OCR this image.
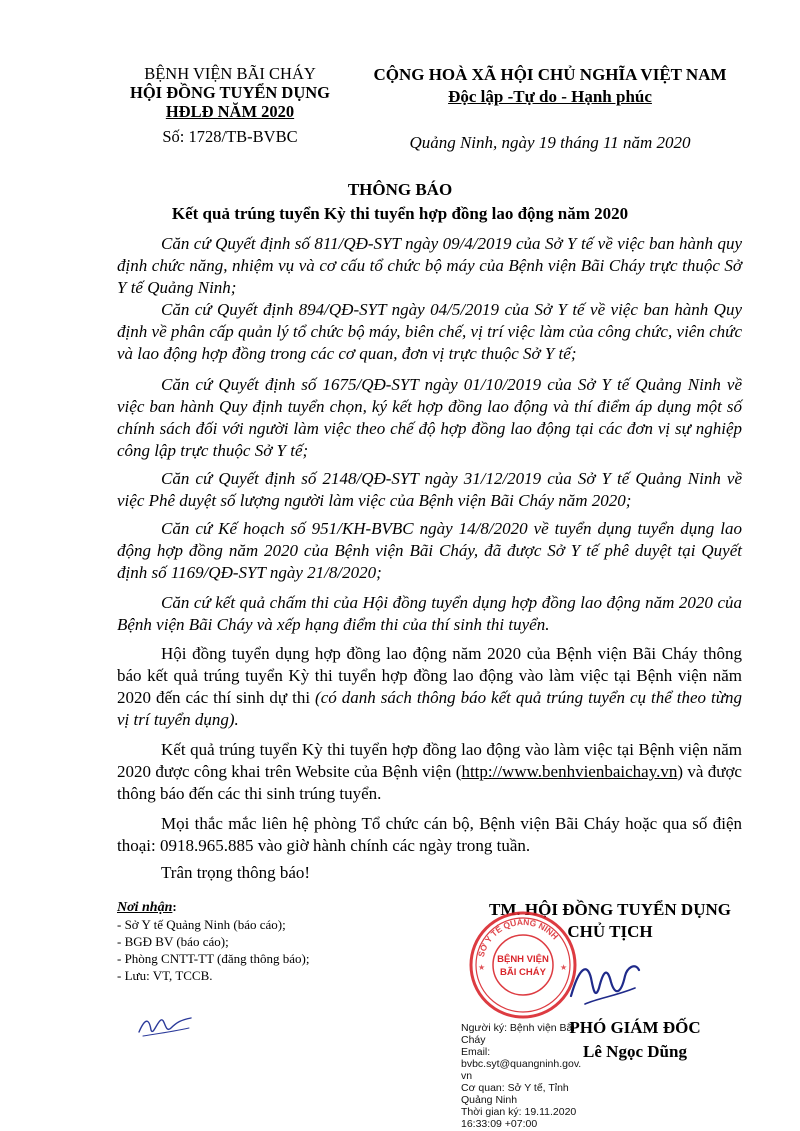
BỆNH VIỆN BÃI CHÁY
HỘI ĐỒNG TUYỂN DỤNG
HĐLĐ NĂM 2020
Số: 1728/TB-BVBC
CỘNG HOÀ XÃ HỘI CHỦ NGHĨA VIỆT NAM
Độc lập -Tự do - Hạnh phúc
Quảng Ninh, ngày 19 tháng 11 năm 2020
THÔNG BÁO
Kết quả trúng tuyển Kỳ thi tuyển hợp đồng lao động năm 2020
Căn cứ Quyết định số 811/QĐ-SYT ngày 09/4/2019 của Sở Y tế về việc ban hành quy định chức năng, nhiệm vụ và cơ cấu tổ chức bộ máy của Bệnh viện Bãi Cháy trực thuộc Sở Y tế Quảng Ninh;
Căn cứ Quyết định 894/QĐ-SYT ngày 04/5/2019 của Sở Y tế về việc ban hành Quy định về phân cấp quản lý tổ chức bộ máy, biên chế, vị trí việc làm của công chức, viên chức và lao động hợp đồng trong các cơ quan, đơn vị trực thuộc Sở Y tế;
Căn cứ Quyết định số 1675/QĐ-SYT ngày 01/10/2019 của Sở Y tế Quảng Ninh về việc ban hành Quy định tuyển chọn, ký kết hợp đồng lao động và thí điểm áp dụng một số chính sách đối với người làm việc theo chế độ hợp đồng lao động tại các đơn vị sự nghiệp công lập trực thuộc Sở Y tế;
Căn cứ Quyết định số 2148/QĐ-SYT ngày 31/12/2019 của Sở Y tế Quảng Ninh về việc Phê duyệt số lượng người làm việc của Bệnh viện Bãi Cháy năm 2020;
Căn cứ Kế hoạch số 951/KH-BVBC ngày 14/8/2020 về tuyển dụng tuyển dụng lao động hợp đồng năm 2020 của Bệnh viện Bãi Cháy, đã được Sở Y tế phê duyệt tại Quyết định số 1169/QĐ-SYT ngày 21/8/2020;
Căn cứ kết quả chấm thi của Hội đồng tuyển dụng hợp đồng lao động năm 2020 của Bệnh viện Bãi Cháy và xếp hạng điểm thi của thí sinh thi tuyển.
Hội đồng tuyển dụng hợp đồng lao động năm 2020 của Bệnh viện Bãi Cháy thông báo kết quả trúng tuyển Kỳ thi tuyển hợp đồng lao động vào làm việc tại Bệnh viện năm 2020 đến các thí sinh dự thi (có danh sách thông báo kết quả trúng tuyển cụ thể theo từng vị trí tuyển dụng).
Kết quả trúng tuyển Kỳ thi tuyển hợp đồng lao động vào làm việc tại Bệnh viện năm 2020 được công khai trên Website của Bệnh viện (http://www.benhvienbaichay.vn) và được thông báo đến các thi sinh trúng tuyển.
Mọi thắc mắc liên hệ phòng Tổ chức cán bộ, Bệnh viện Bãi Cháy hoặc qua số điện thoại: 0918.965.885 vào giờ hành chính các ngày trong tuần.
Trân trọng thông báo!
Nơi nhận:
- Sở Y tế Quảng Ninh (báo cáo);
- BGĐ BV (báo cáo);
- Phòng CNTT-TT (đăng thông báo);
- Lưu: VT, TCCB.
TM. HỘI ĐỒNG TUYỂN DỤNG
CHỦ TỊCH
SỞ Y TẾ QUẢNG NINH
BỆNH VIỆN
BÃI CHÁY
★	★
Người ký: Bệnh viện Bãi
Cháy
Email:
bvbc.syt@quangninh.gov.
vn
Cơ quan: Sở Y tế, Tỉnh
Quảng Ninh
Thời gian ký: 19.11.2020
16:33:09 +07:00
PHÓ GIÁM ĐỐC
Lê Ngọc Dũng
